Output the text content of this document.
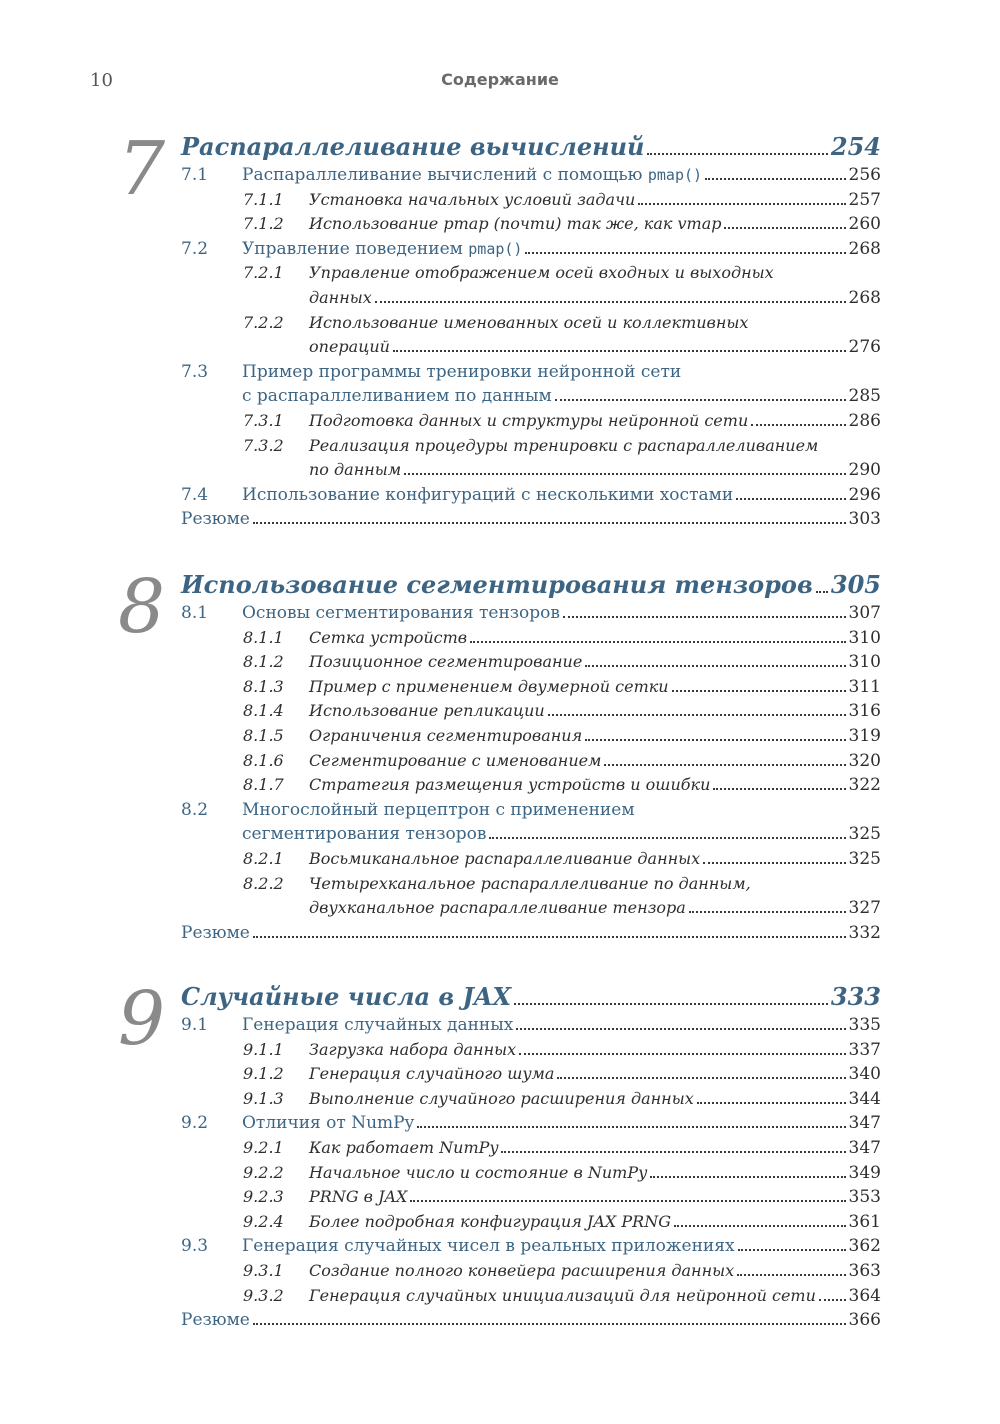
10	Содержание
7 Распараллеливание вычислений	254
7.1 Распараллеливание вычислений с помощью pmap()	256
7.1.1 Установка начальных условий задачи	257
7.1.2 Использование pmap (почти) так же, как vmap	260
7.2 Управление поведением pmap()	268
7.2.1 Управление отображением осей входных и выходных
данных	268
7.2.2 Использование именованных осей и коллективных
операций	276
7.3 Пример программы тренировки нейронной сети
с распараллеливанием по данным	285
7.3.1 Подготовка данных и структуры нейронной сети	286
7.3.2 Реализация процедуры тренировки с распараллеливанием
по данным	290
7.4 Использование конфигураций с несколькими хостами	296
Резюме	303
8 Использование сегментирования тензоров 305
8.1 Основы сегментирования тензоров	307
8.1.1 Сетка устройств	310
8.1.2 Позиционное сегментирование	310
8.1.3 Пример с применением двумерной сетки	311
8.1.4 Использование репликации	316
8.1.5 Ограничения сегментирования	319
8.1.6 Сегментирование с именованием	320
8.1.7 Стратегия размещения устройств и ошибки	322
8.2 Многослойный перцептрон с применением
сегментирования тензоров	325
8.2.1 Восьмиканальное распараллеливание данных	325
8.2.2 Четырехканальное распараллеливание по данным,
двухканальное распараллеливание тензора	327
Резюме	332
9 Случайные числа в JAX	333
9.1 Генерация случайных данных	335
9.1.1 Загрузка набора данных	337
9.1.2 Генерация случайного шума	340
9.1.3 Выполнение случайного расширения данных	344
9.2 Отличия от NumPy	347
9.2.1 Как работает NumPy	347
9.2.2 Начальное число и состояние в NumPy	349
9.2.3 PRNG в JAX	353
9.2.4 Более подробная конфигурация JAX PRNG	361
9.3 Генерация случайных чисел в реальных приложениях	362
9.3.1 Создание полного конвейера расширения данных	363
9.3.2 Генерация случайных инициализаций для нейронной сети 364
Резюме	366
